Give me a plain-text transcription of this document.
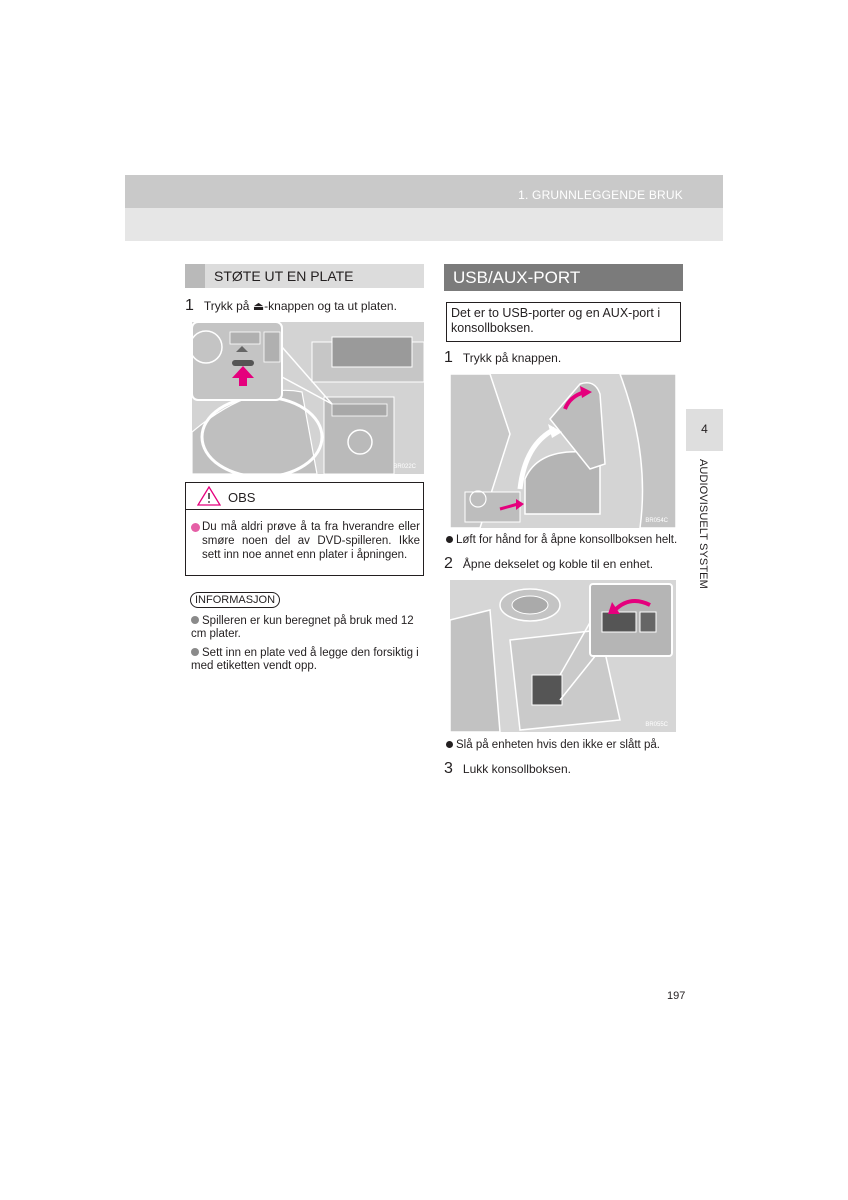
1. GRUNNLEGGENDE BRUK
4
AUDIOVISUELT SYSTEM
STØTE UT EN PLATE
1 Trykk på ⏏-knappen og ta ut platen.
BR022C
OBS
Du må aldri prøve å ta fra hverandre eller smøre noen del av DVD-spilleren. Ikke sett inn noe annet enn plater i åpningen.
INFORMASJON
Spilleren er kun beregnet på bruk med 12 cm plater.
Sett inn en plate ved å legge den forsiktig i med etiketten vendt opp.
USB/AUX-PORT
Det er to USB-porter og en AUX-port i konsollboksen.
1 Trykk på knappen.
BR054C
Løft for hånd for å åpne konsollboksen helt.
2 Åpne dekselet og koble til en enhet.
BR055C
Slå på enheten hvis den ikke er slått på.
3 Lukk konsollboksen.
197
